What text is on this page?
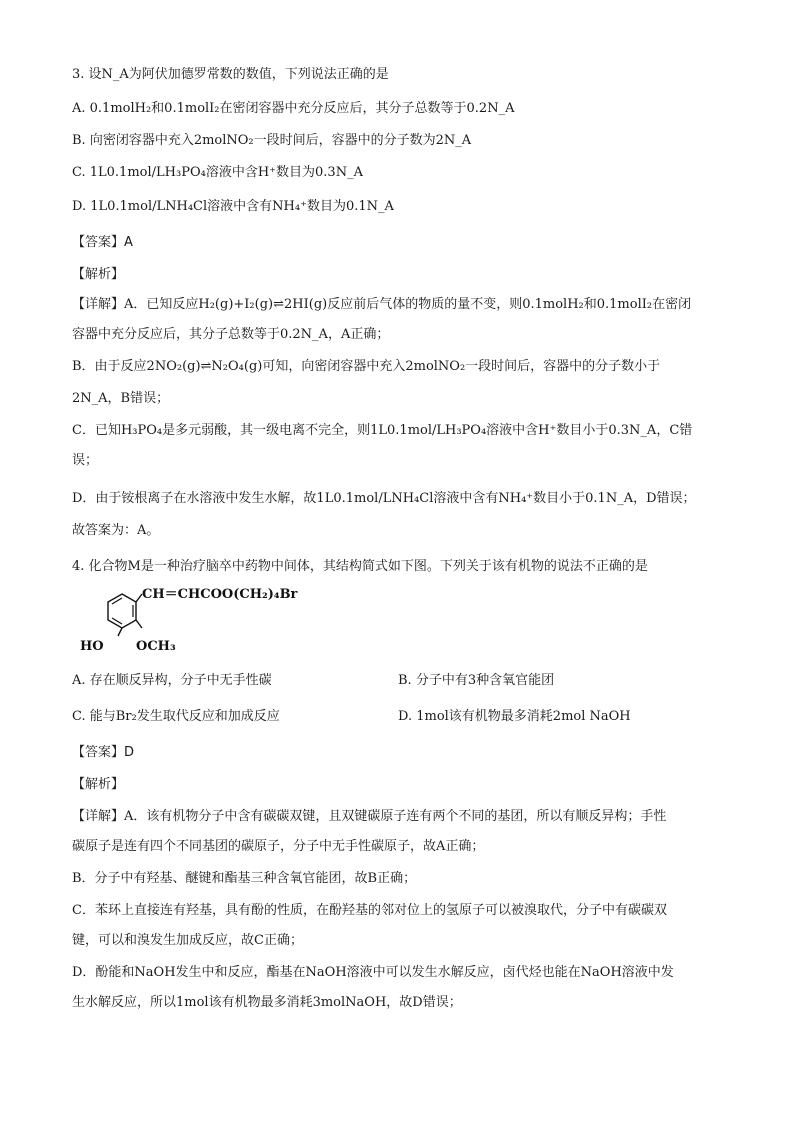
3. 设N_A为阿伏加德罗常数的数值，下列说法正确的是
A. 0.1molH₂和0.1molI₂在密闭容器中充分反应后，其分子总数等于0.2N_A
B. 向密闭容器中充入2molNO₂一段时间后，容器中的分子数为2N_A
C. 1L0.1mol/LH₃PO₄溶液中含H⁺数目为0.3N_A
D. 1L0.1mol/LNH₄Cl溶液中含有NH₄⁺数目为0.1N_A
【答案】A
【解析】
【详解】A．已知反应H₂(g)+I₂(g)⇌2HI(g)反应前后气体的物质的量不变，则0.1molH₂和0.1molI₂在密闭
容器中充分反应后，其分子总数等于0.2N_A，A正确；
B．由于反应2NO₂(g)⇌N₂O₄(g)可知，向密闭容器中充入2molNO₂一段时间后，容器中的分子数小于
2N_A，B错误；
C．已知H₃PO₄是多元弱酸，其一级电离不完全，则1L0.1mol/LH₃PO₄溶液中含H⁺数目小于0.3N_A，C错
误；
D．由于铵根离子在水溶液中发生水解，故1L0.1mol/LNH₄Cl溶液中含有NH₄⁺数目小于0.1N_A，D错误；
故答案为：A。
4. 化合物M是一种治疗脑卒中药物中间体，其结构简式如下图。下列关于该有机物的说法不正确的是
CH＝CHCOO(CH₂)₄Br
HO OCH₃
A. 存在顺反异构，分子中无手性碳	B. 分子中有3种含氧官能团
C. 能与Br₂发生取代反应和加成反应	D. 1mol该有机物最多消耗2mol NaOH
【答案】D
【解析】
【详解】A．该有机物分子中含有碳碳双键，且双键碳原子连有两个不同的基团，所以有顺反异构；手性
碳原子是连有四个不同基团的碳原子，分子中无手性碳原子，故A正确；
B．分子中有羟基、醚键和酯基三种含氧官能团，故B正确；
C．苯环上直接连有羟基，具有酚的性质，在酚羟基的邻对位上的氢原子可以被溴取代，分子中有碳碳双
键，可以和溴发生加成反应，故C正确；
D．酚能和NaOH发生中和反应，酯基在NaOH溶液中可以发生水解反应，卤代烃也能在NaOH溶液中发
生水解反应，所以1mol该有机物最多消耗3molNaOH，故D错误；
